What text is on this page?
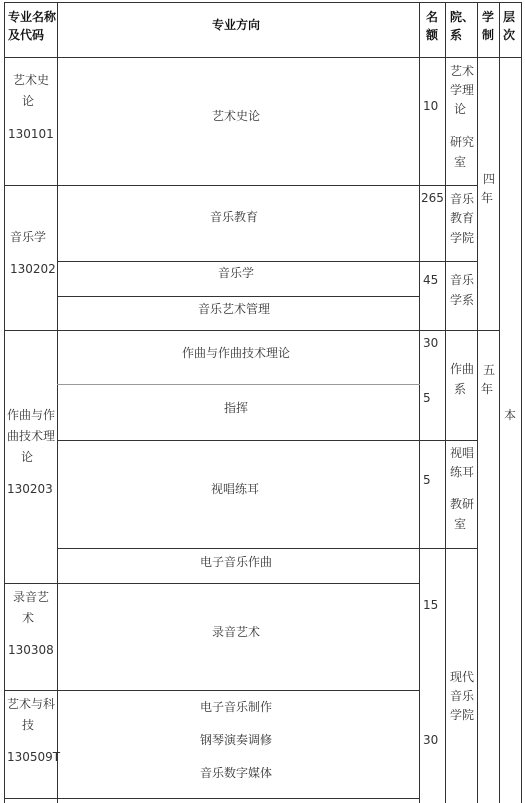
专业名称
及代码
专业方向
名
额
院、
系
学
制
层
次
艺术史
论
130101
音乐学
130202
作曲与作
曲技术理
论
130203
录音艺
术
130308
艺术与科
技
130509T
艺术史论
音乐教育
音乐学
音乐艺术管理
作曲与作曲技术理论
指挥
视唱练耳
电子音乐作曲
录音艺术
电子音乐制作
钢琴演奏调修
音乐数字媒体
10
265
45
30
5
5
15
30
艺术
学理
论
研究
室
音乐
教育
学院
音乐
学系
作曲
系
视唱
练耳
教研
室
现代
音乐
学院
四
年
五
年
本
